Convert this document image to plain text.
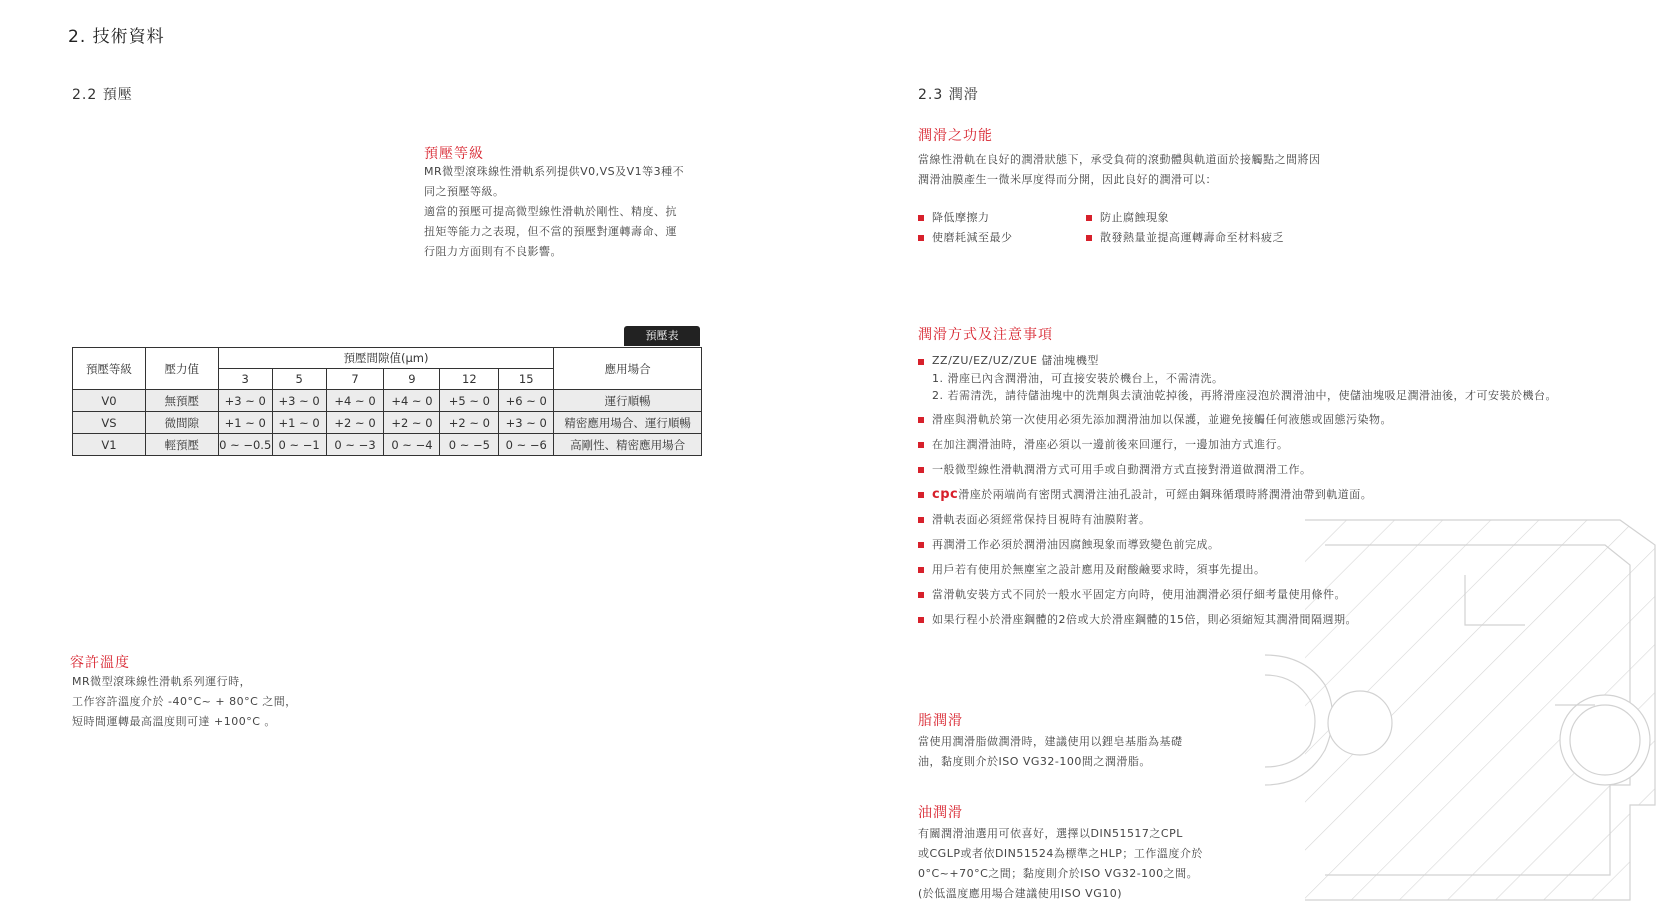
2. 技術資料
2.2 預壓
預壓等級

MR微型滾珠線性滑軌系列提供V0,VS及V1等3種不

同之預壓等級。

適當的預壓可提高微型線性滑軌於剛性、精度、抗

扭矩等能力之表現，但不當的預壓對運轉壽命、運

行阻力方面則有不良影響。

預壓表
預壓等級	壓力值	預壓間隙值(μm)						應用場合
		3	5	7	9	12	15	
V0	無預壓	+3 ~ 0	+3 ~ 0	+4 ~ 0	+4 ~ 0	+5 ~ 0	+6 ~ 0	運行順暢
VS	微間隙	+1 ~ 0	+1 ~ 0	+2 ~ 0	+2 ~ 0	+2 ~ 0	+3 ~ 0	精密應用場合、運行順暢
V1	輕預壓	0 ~ −0.5	0 ~ −1	0 ~ −3	0 ~ −4	0 ~ −5	0 ~ −6	高剛性、精密應用場合
容許溫度

MR微型滾珠線性滑軌系列運行時，

工作容許溫度介於 -40°C~ + 80°C 之間，

短時間運轉最高溫度則可達 +100°C 。

2.3 潤滑
潤滑之功能

當線性滑軌在良好的潤滑狀態下，承受負荷的滾動體與軌道面於接觸點之間將因

潤滑油膜產生一微米厚度得而分開，因此良好的潤滑可以：

降低摩擦力
使磨耗減至最少
防止腐蝕現象
散發熱量並提高運轉壽命至材料疲乏
潤滑方式及注意事項
ZZ/ZU/EZ/UZ/ZUE 儲油塊機型
1. 滑座已內含潤滑油，可直接安裝於機台上，不需清洗。
2. 若需清洗，請待儲油塊中的洗劑與去漬油乾掉後，再將滑座浸泡於潤滑油中，使儲油塊吸足潤滑油後，才可安裝於機台。
滑座與滑軌於第一次使用必須先添加潤滑油加以保護，並避免接觸任何液態或固態污染物。
在加注潤滑油時，滑座必須以一邊前後來回運行，一邊加油方式進行。
一般微型線性滑軌潤滑方式可用手或自動潤滑方式直接對滑道做潤滑工作。
cpc滑座於兩端尚有密閉式潤滑注油孔設計，可經由鋼珠循環時將潤滑油帶到軌道面。
滑軌表面必須經常保持目視時有油膜附著。
再潤滑工作必須於潤滑油因腐蝕現象而導致變色前完成。
用戶若有使用於無塵室之設計應用及耐酸鹼要求時，須事先提出。
當滑軌安裝方式不同於一般水平固定方向時，使用油潤滑必須仔細考量使用條件。
如果行程小於滑座鋼體的2倍或大於滑座鋼體的15倍，則必須縮短其潤滑間隔週期。
脂潤滑

當使用潤滑脂做潤滑時，建議使用以鋰皂基脂為基礎

油，黏度則介於ISO VG32-100間之潤滑脂。

油潤滑

有關潤滑油選用可依喜好，選擇以DIN51517之CPL

或CGLP或者依DIN51524為標準之HLP；工作溫度介於

0°C~+70°C之間；黏度則介於ISO VG32-100之間。

(於低溫度應用場合建議使用ISO VG10)
